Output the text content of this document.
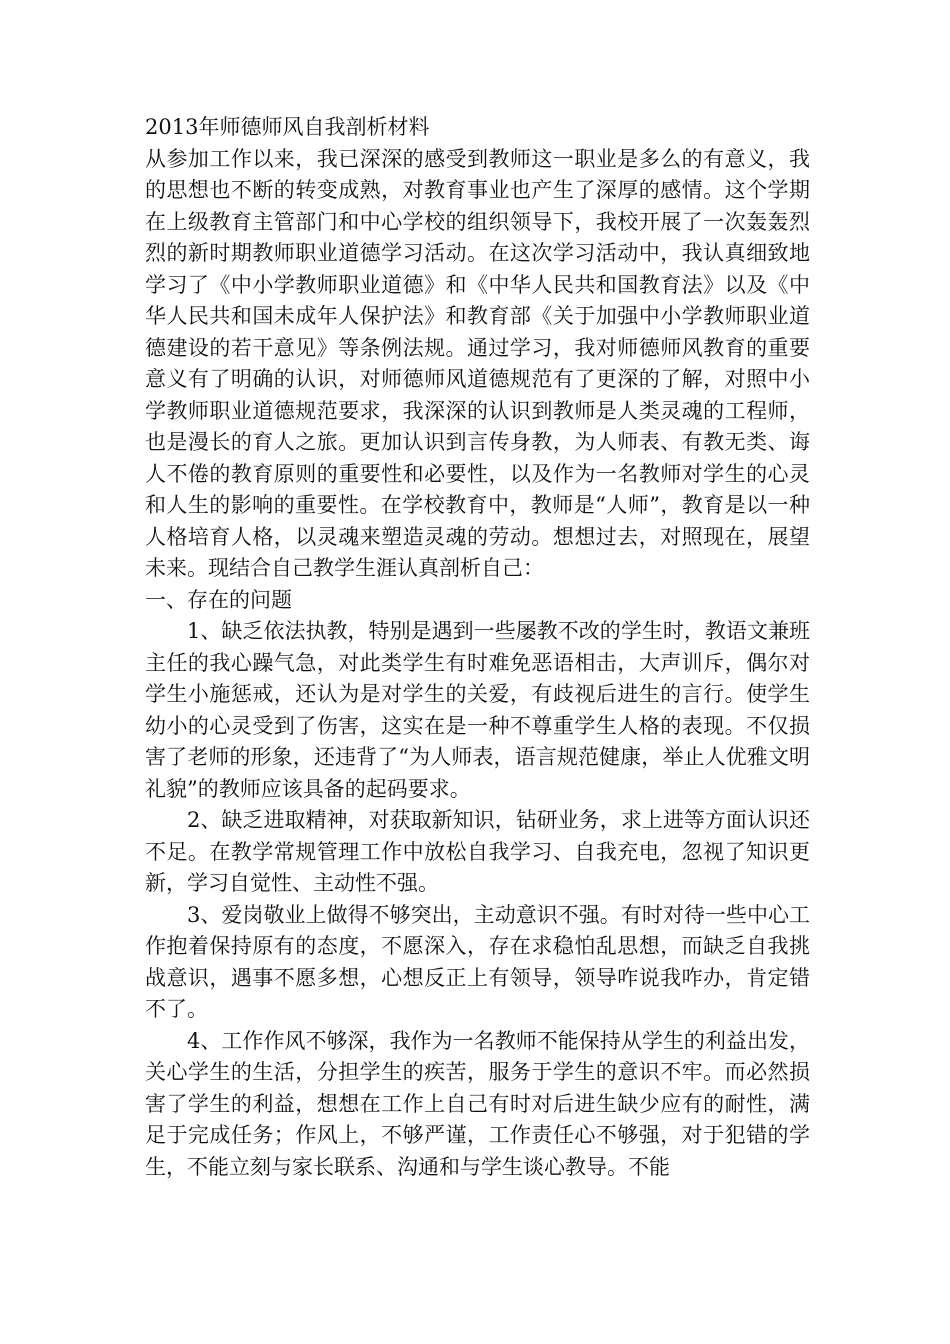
2013年师德师风自我剖析材料

从参加工作以来，我已深深的感受到教师这一职业是多么的有意义，我的思想也不断的转变成熟，对教育事业也产生了深厚的感情。这个学期在上级教育主管部门和中心学校的组织领导下，我校开展了一次轰轰烈烈的新时期教师职业道德学习活动。在这次学习活动中，我认真细致地学习了《中小学教师职业道德》和《中华人民共和国教育法》以及《中华人民共和国未成年人保护法》和教育部《关于加强中小学教师职业道德建设的若干意见》等条例法规。通过学习，我对师德师风教育的重要意义有了明确的认识，对师德师风道德规范有了更深的了解，对照中小学教师职业道德规范要求，我深深的认识到教师是人类灵魂的工程师，也是漫长的育人之旅。更加认识到言传身教，为人师表、有教无类、诲人不倦的教育原则的重要性和必要性，以及作为一名教师对学生的心灵和人生的影响的重要性。在学校教育中，教师是“人师”，教育是以一种人格培育人格，以灵魂来塑造灵魂的劳动。想想过去，对照现在，展望未来。现结合自己教学生涯认真剖析自己：

一、存在的问题

1、缺乏依法执教，特别是遇到一些屡教不改的学生时，教语文兼班主任的我心躁气急，对此类学生有时难免恶语相击，大声训斥，偶尔对学生小施惩戒，还认为是对学生的关爱，有歧视后进生的言行。使学生幼小的心灵受到了伤害，这实在是一种不尊重学生人格的表现。不仅损害了老师的形象，还违背了“为人师表，语言规范健康，举止人优雅文明礼貌”的教师应该具备的起码要求。

2、缺乏进取精神，对获取新知识，钻研业务，求上进等方面认识还不足。在教学常规管理工作中放松自我学习、自我充电，忽视了知识更新，学习自觉性、主动性不强。

3、爱岗敬业上做得不够突出，主动意识不强。有时对待一些中心工作抱着保持原有的态度，不愿深入，存在求稳怕乱思想，而缺乏自我挑战意识，遇事不愿多想，心想反正上有领导，领导咋说我咋办，肯定错不了。

4、工作作风不够深，我作为一名教师不能保持从学生的利益出发，关心学生的生活，分担学生的疾苦，服务于学生的意识不牢。而必然损害了学生的利益，想想在工作上自己有时对后进生缺少应有的耐性，满足于完成任务；作风上，不够严谨，工作责任心不够强，对于犯错的学生，不能立刻与家长联系、沟通和与学生谈心教导。不能
